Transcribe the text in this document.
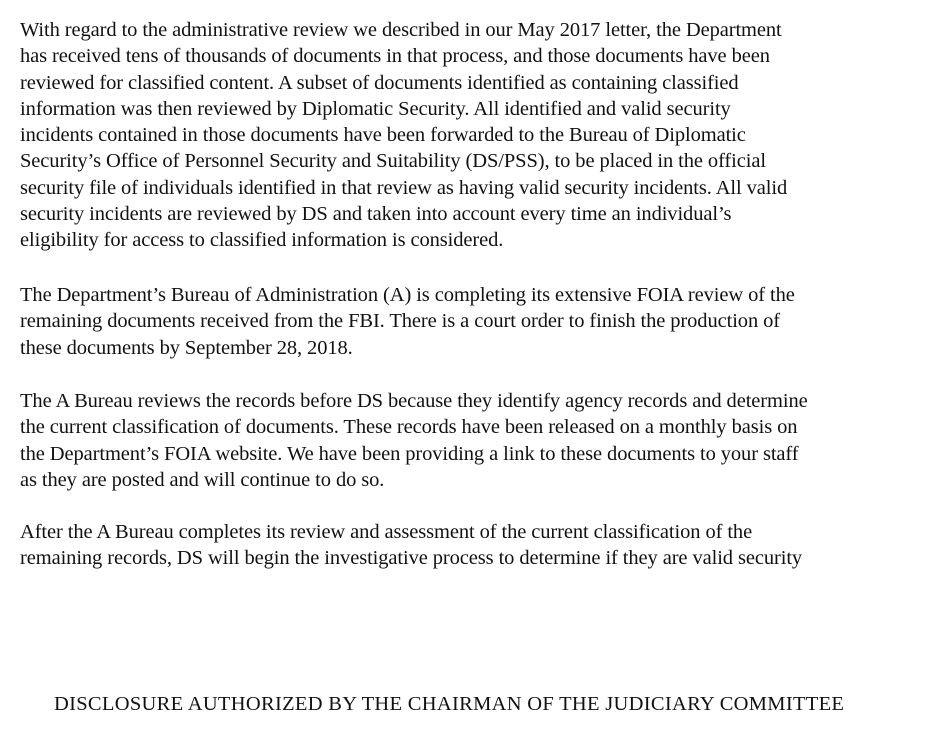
With regard to the administrative review we described in our May 2017 letter, the Department
has received tens of thousands of documents in that process, and those documents have been
reviewed for classified content. A subset of documents identified as containing classified
information was then reviewed by Diplomatic Security. All identified and valid security
incidents contained in those documents have been forwarded to the Bureau of Diplomatic
Security’s Office of Personnel Security and Suitability (DS/PSS), to be placed in the official
security file of individuals identified in that review as having valid security incidents. All valid
security incidents are reviewed by DS and taken into account every time an individual’s
eligibility for access to classified information is considered.

The Department’s Bureau of Administration (A) is completing its extensive FOIA review of the
remaining documents received from the FBI. There is a court order to finish the production of
these documents by September 28, 2018.

The A Bureau reviews the records before DS because they identify agency records and determine
the current classification of documents. These records have been released on a monthly basis on
the Department’s FOIA website. We have been providing a link to these documents to your staff
as they are posted and will continue to do so.

After the A Bureau completes its review and assessment of the current classification of the
remaining records, DS will begin the investigative process to determine if they are valid security

DISCLOSURE AUTHORIZED BY THE CHAIRMAN OF THE JUDICIARY COMMITTEE
